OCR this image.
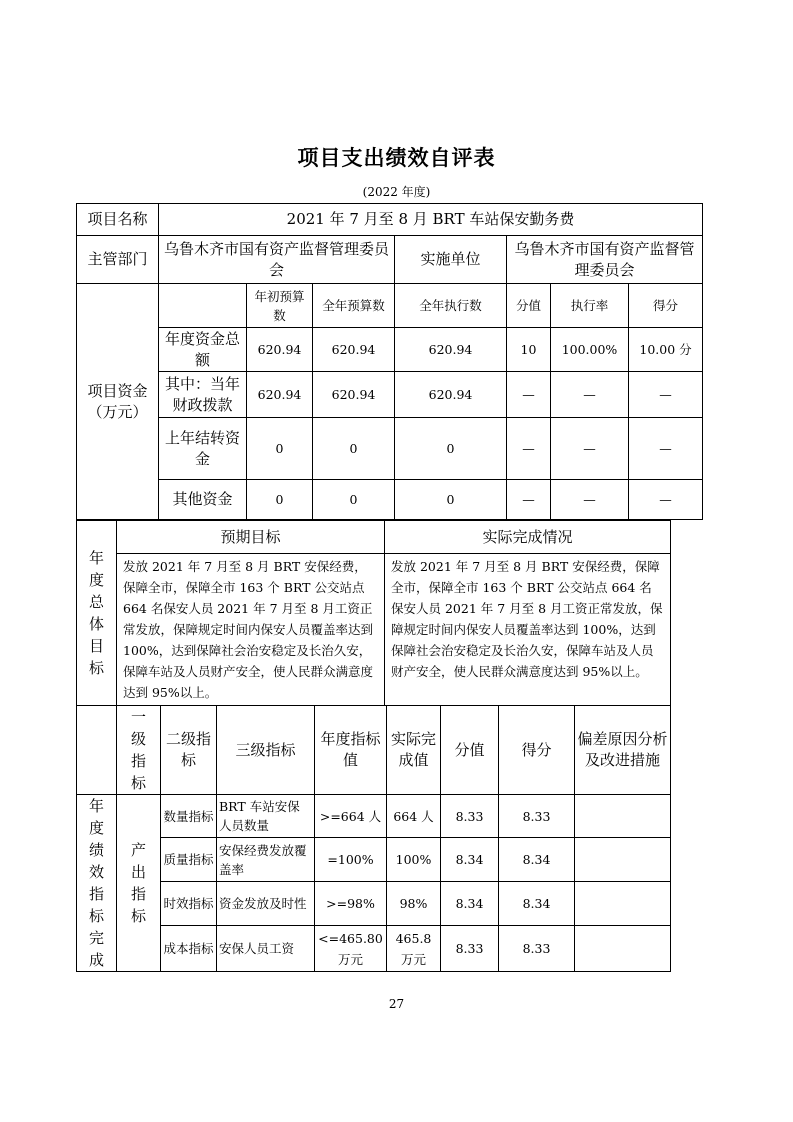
项目支出绩效自评表
(2022 年度)
项目名称	2021 年 7 月至 8 月 BRT 车站保安勤务费						
主管部门	乌鲁木齐市国有资产监督管理委员会			实施单位	乌鲁木齐市国有资产监督管理委员会		
项目资金（万元）		年初预算数	全年预算数	全年执行数	分值	执行率	得分
	年度资金总额	620.94	620.94	620.94	10	100.00%	10.00 分
	其中：当年财政拨款	620.94	620.94	620.94	—	—	—
	上年结转资金	0	0	0	—	—	—
	其他资金	0	0	0	—	—	—
年度总体目标	预期目标	实际完成情况
	发放 2021 年 7 月至 8 月 BRT 安保经费，保障全市，保障全市 163 个 BRT 公交站点 664 名保安人员 2021 年 7 月至 8 月工资正常发放，保障规定时间内保安人员覆盖率达到 100%，达到保障社会治安稳定及长治久安，保障车站及人员财产安全，使人民群众满意度达到 95%以上。	发放 2021 年 7 月至 8 月 BRT 安保经费，保障全市，保障全市 163 个 BRT 公交站点 664 名保安人员 2021 年 7 月至 8 月工资正常发放，保障规定时间内保安人员覆盖率达到 100%，达到保障社会治安稳定及长治久安，保障车站及人员财产安全，使人民群众满意度达到 95%以上。

	一级指标	二级指标	三级指标	年度指标值	实际完成值	分值	得分	偏差原因分析及改进措施

年度绩效指标完成	产出指标	数量指标	BRT 车站安保人员数量	>=664 人	664 人	8.33	8.33	
		质量指标	安保经费发放覆盖率	=100%	100%	8.34	8.34	
		时效指标	资金发放及时性	>=98%	98%	8.34	8.34	
		成本指标	安保人员工资	<=465.80 万元	465.8 万元	8.33	8.33	
27
